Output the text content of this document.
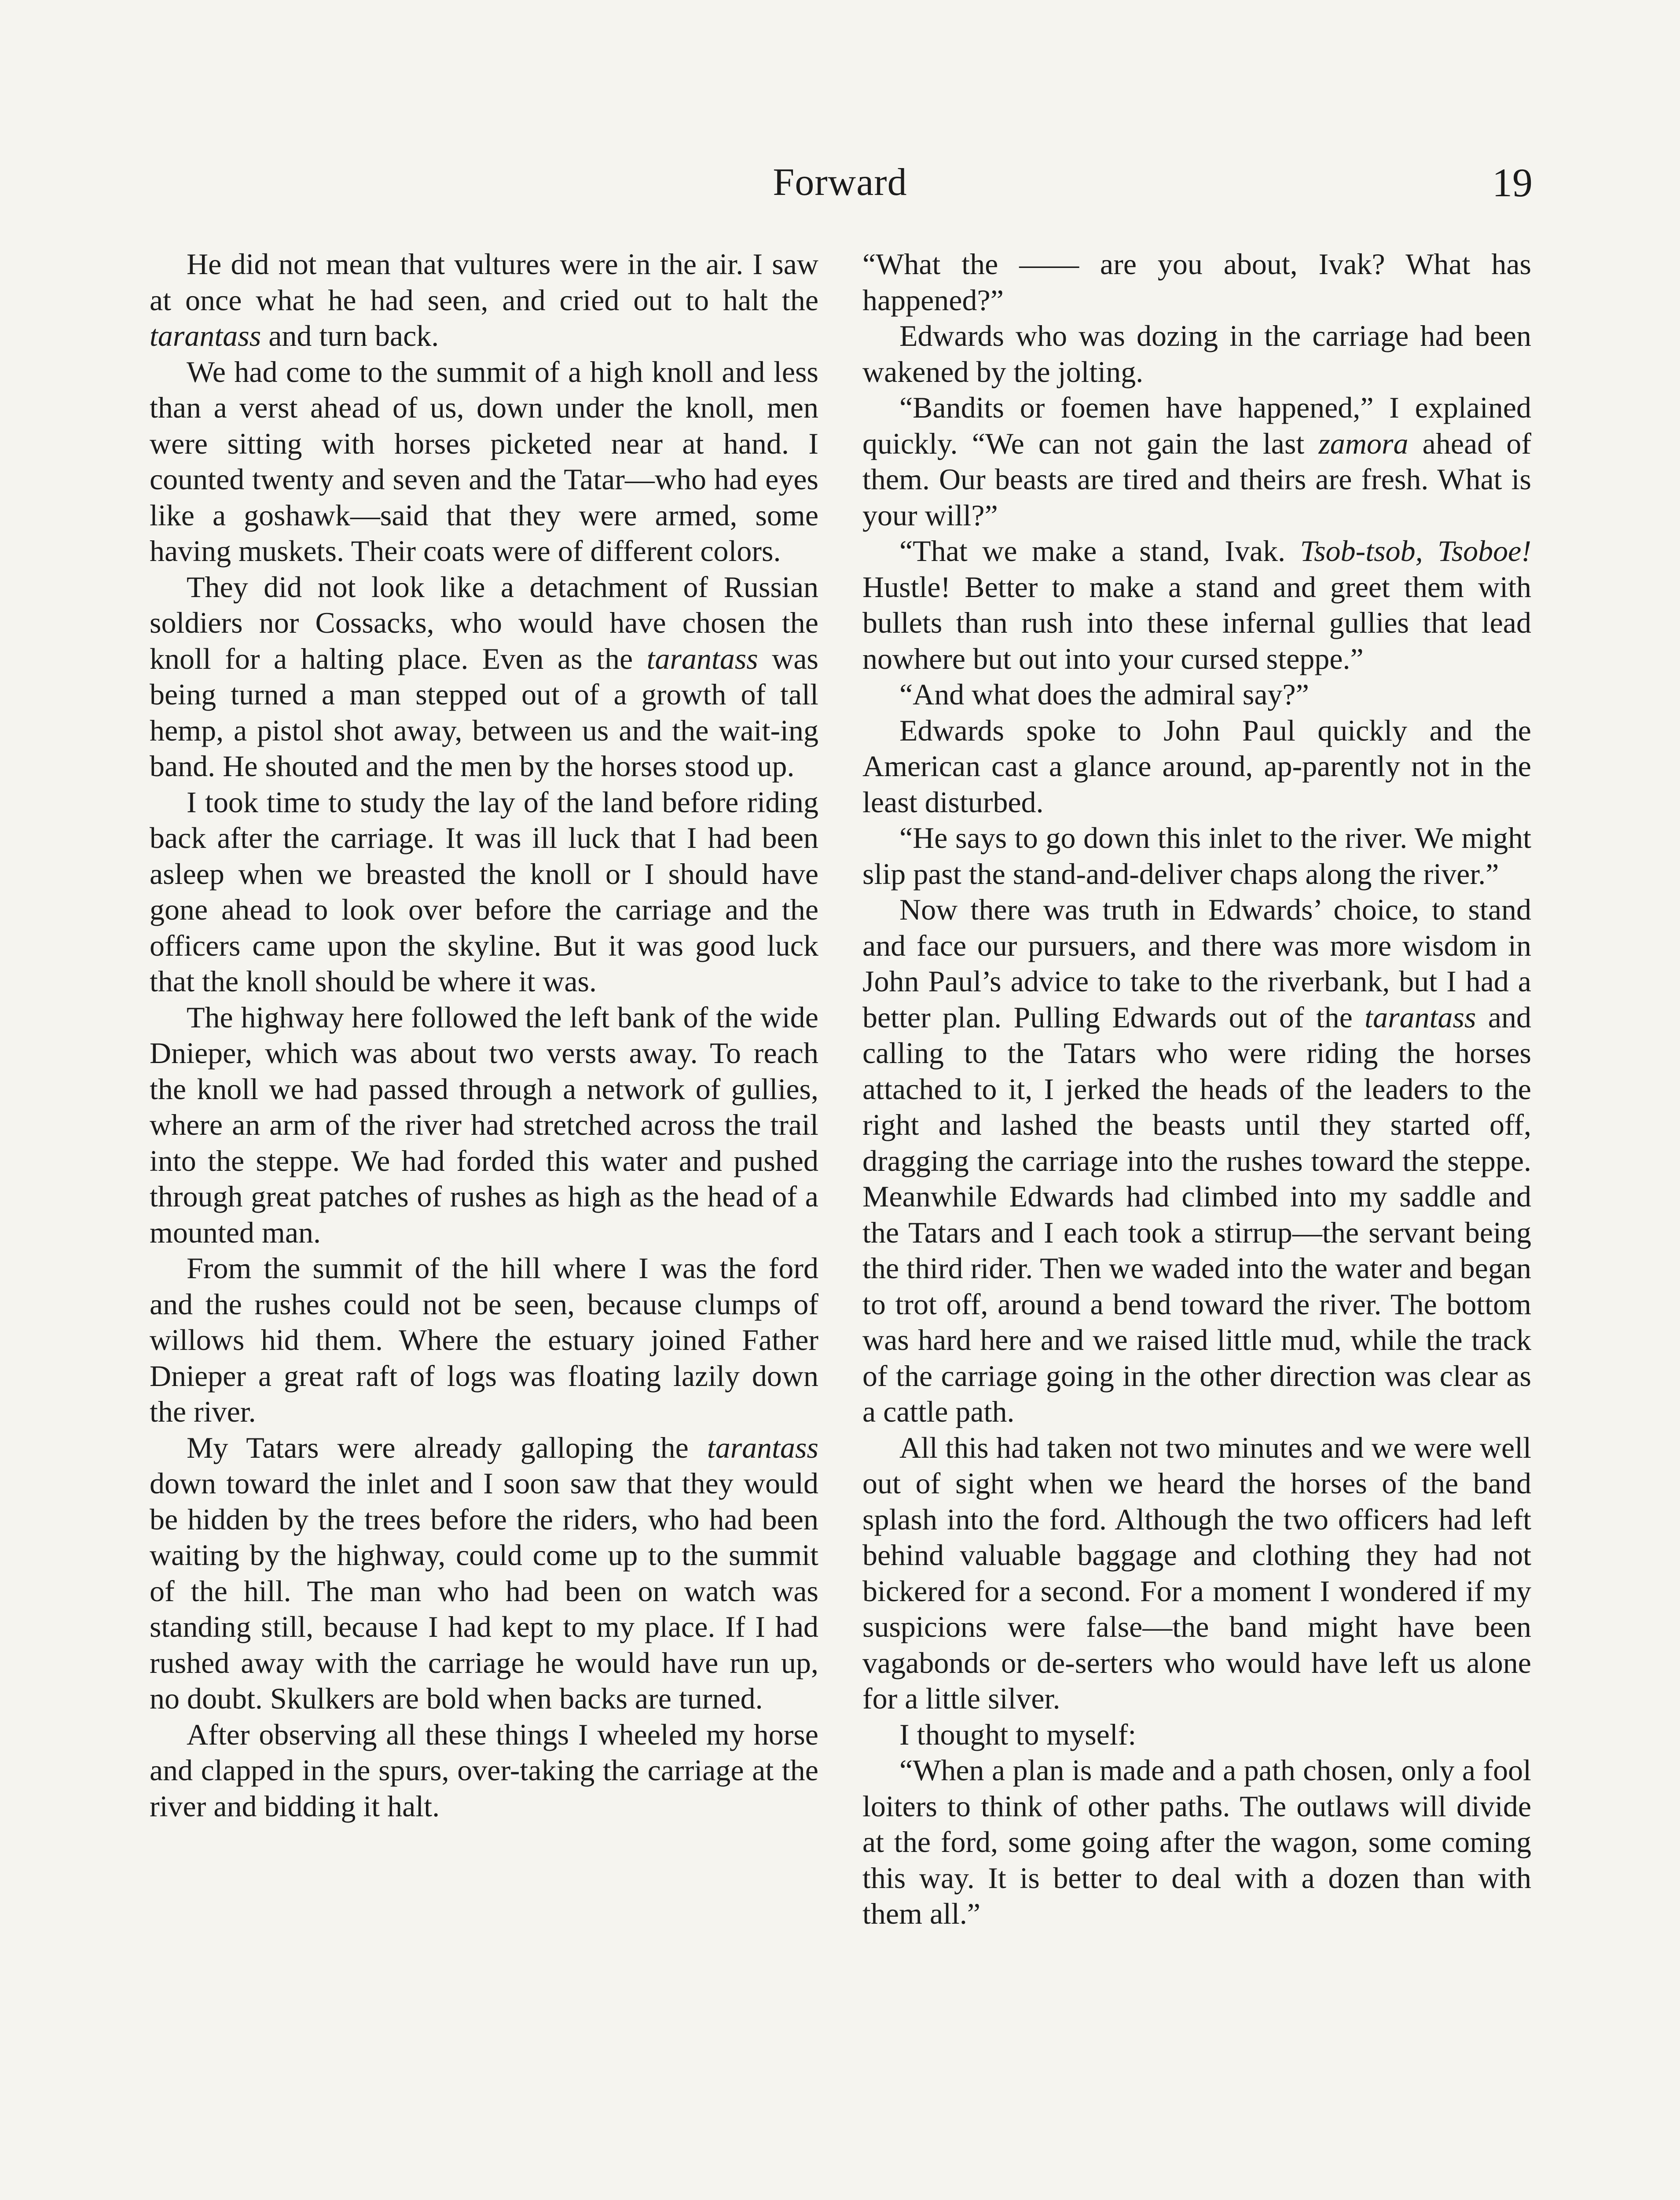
Forward	19

He did not mean that vultures were in the air. I saw at once what he had seen, and cried out to halt the tarantass and turn back.

We had come to the summit of a high knoll and less than a verst ahead of us, down under the knoll, men were sitting with horses picketed near at hand. I counted twenty and seven and the Tatar—who had eyes like a goshawk—said that they were armed, some having muskets. Their coats were of different colors.

They did not look like a detachment of Russian soldiers nor Cossacks, who would have chosen the knoll for a halting place. Even as the tarantass was being turned a man stepped out of a growth of tall hemp, a pistol shot away, between us and the wait-ing band. He shouted and the men by the horses stood up.

I took time to study the lay of the land before riding back after the carriage. It was ill luck that I had been asleep when we breasted the knoll or I should have gone ahead to look over before the carriage and the officers came upon the skyline. But it was good luck that the knoll should be where it was.

The highway here followed the left bank of the wide Dnieper, which was about two versts away. To reach the knoll we had passed through a network of gullies, where an arm of the river had stretched across the trail into the steppe. We had forded this water and pushed through great patches of rushes as high as the head of a mounted man.

From the summit of the hill where I was the ford and the rushes could not be seen, because clumps of willows hid them. Where the estuary joined Father Dnieper a great raft of logs was floating lazily down the river.

My Tatars were already galloping the tarantass down toward the inlet and I soon saw that they would be hidden by the trees before the riders, who had been waiting by the highway, could come up to the summit of the hill. The man who had been on watch was standing still, because I had kept to my place. If I had rushed away with the carriage he would have run up, no doubt. Skulkers are bold when backs are turned.

After observing all these things I wheeled my horse and clapped in the spurs, over-taking the carriage at the river and bidding it halt.

“What the —— are you about, Ivak? What has happened?”

Edwards who was dozing in the carriage had been wakened by the jolting.

“Bandits or foemen have happened,” I explained quickly. “We can not gain the last zamora ahead of them. Our beasts are tired and theirs are fresh. What is your will?”

“That we make a stand, Ivak. Tsob-tsob, Tsoboe! Hustle! Better to make a stand and greet them with bullets than rush into these infernal gullies that lead nowhere but out into your cursed steppe.”

“And what does the admiral say?”

Edwards spoke to John Paul quickly and the American cast a glance around, ap-parently not in the least disturbed.

“He says to go down this inlet to the river. We might slip past the stand-and-deliver chaps along the river.”

Now there was truth in Edwards’ choice, to stand and face our pursuers, and there was more wisdom in John Paul’s advice to take to the riverbank, but I had a better plan. Pulling Edwards out of the tarantass and calling to the Tatars who were riding the horses attached to it, I jerked the heads of the leaders to the right and lashed the beasts until they started off, dragging the carriage into the rushes toward the steppe. Meanwhile Edwards had climbed into my saddle and the Tatars and I each took a stirrup—the servant being the third rider. Then we waded into the water and began to trot off, around a bend toward the river. The bottom was hard here and we raised little mud, while the track of the carriage going in the other direction was clear as a cattle path.

All this had taken not two minutes and we were well out of sight when we heard the horses of the band splash into the ford. Although the two officers had left behind valuable baggage and clothing they had not bickered for a second. For a moment I wondered if my suspicions were false—the band might have been vagabonds or de-serters who would have left us alone for a little silver.

I thought to myself:

“When a plan is made and a path chosen, only a fool loiters to think of other paths. The outlaws will divide at the ford, some going after the wagon, some coming this way. It is better to deal with a dozen than with them all.”
